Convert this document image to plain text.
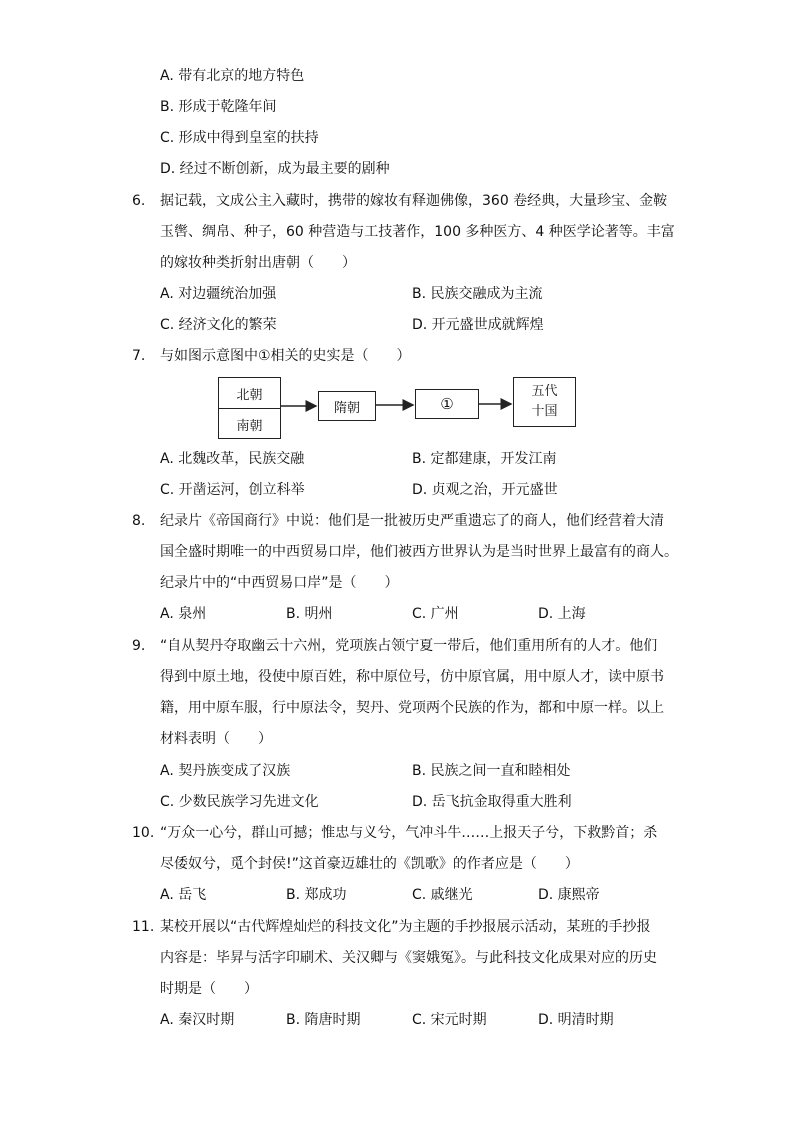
A. 带有北京的地方特色
B. 形成于乾隆年间
C. 形成中得到皇室的扶持
D. 经过不断创新，成为最主要的剧种
6. 据记载，文成公主入藏时，携带的嫁妆有释迦佛像，360 卷经典，大量珍宝、金鞍
玉辔、绸帛、种子，60 种营造与工技著作，100 多种医方、4 种医学论著等。丰富
的嫁妆种类折射出唐朝（　　）
A. 对边疆统治加强	B. 民族交融成为主流
C. 经济文化的繁荣	D. 开元盛世成就辉煌
7. 与如图示意图中①相关的史实是（　　）
北朝
南朝
隋朝	①
五代
十国
A. 北魏改革，民族交融	B. 定都建康，开发江南
C. 开凿运河，创立科举	D. 贞观之治，开元盛世
8. 纪录片《帝国商行》中说：他们是一批被历史严重遗忘了的商人，他们经营着大清
国全盛时期唯一的中西贸易口岸，他们被西方世界认为是当时世界上最富有的商人。
纪录片中的“中西贸易口岸”是（　　）
A. 泉州	B. 明州	C. 广州	D. 上海
9. “自从契丹夺取幽云十六州，党项族占领宁夏一带后，他们重用所有的人才。他们
得到中原土地，役使中原百姓，称中原位号，仿中原官属，用中原人才，读中原书
籍，用中原车服，行中原法令，契丹、党项两个民族的作为，都和中原一样。以上
材料表明（　　）
A. 契丹族变成了汉族	B. 民族之间一直和睦相处
C. 少数民族学习先进文化	D. 岳飞抗金取得重大胜利
10. “万众一心兮，群山可撼；惟忠与义兮，气冲斗牛……上报天子兮，下救黔首；杀
尽倭奴兮，觅个封侯!”这首豪迈雄壮的《凯歌》的作者应是（　　）
A. 岳飞	B. 郑成功	C. 戚继光	D. 康熙帝
11. 某校开展以“古代辉煌灿烂的科技文化”为主题的手抄报展示活动，某班的手抄报
内容是：毕昇与活字印刷术、关汉卿与《窦娥冤》。与此科技文化成果对应的历史
时期是（　　）
A. 秦汉时期	B. 隋唐时期	C. 宋元时期	D. 明清时期
